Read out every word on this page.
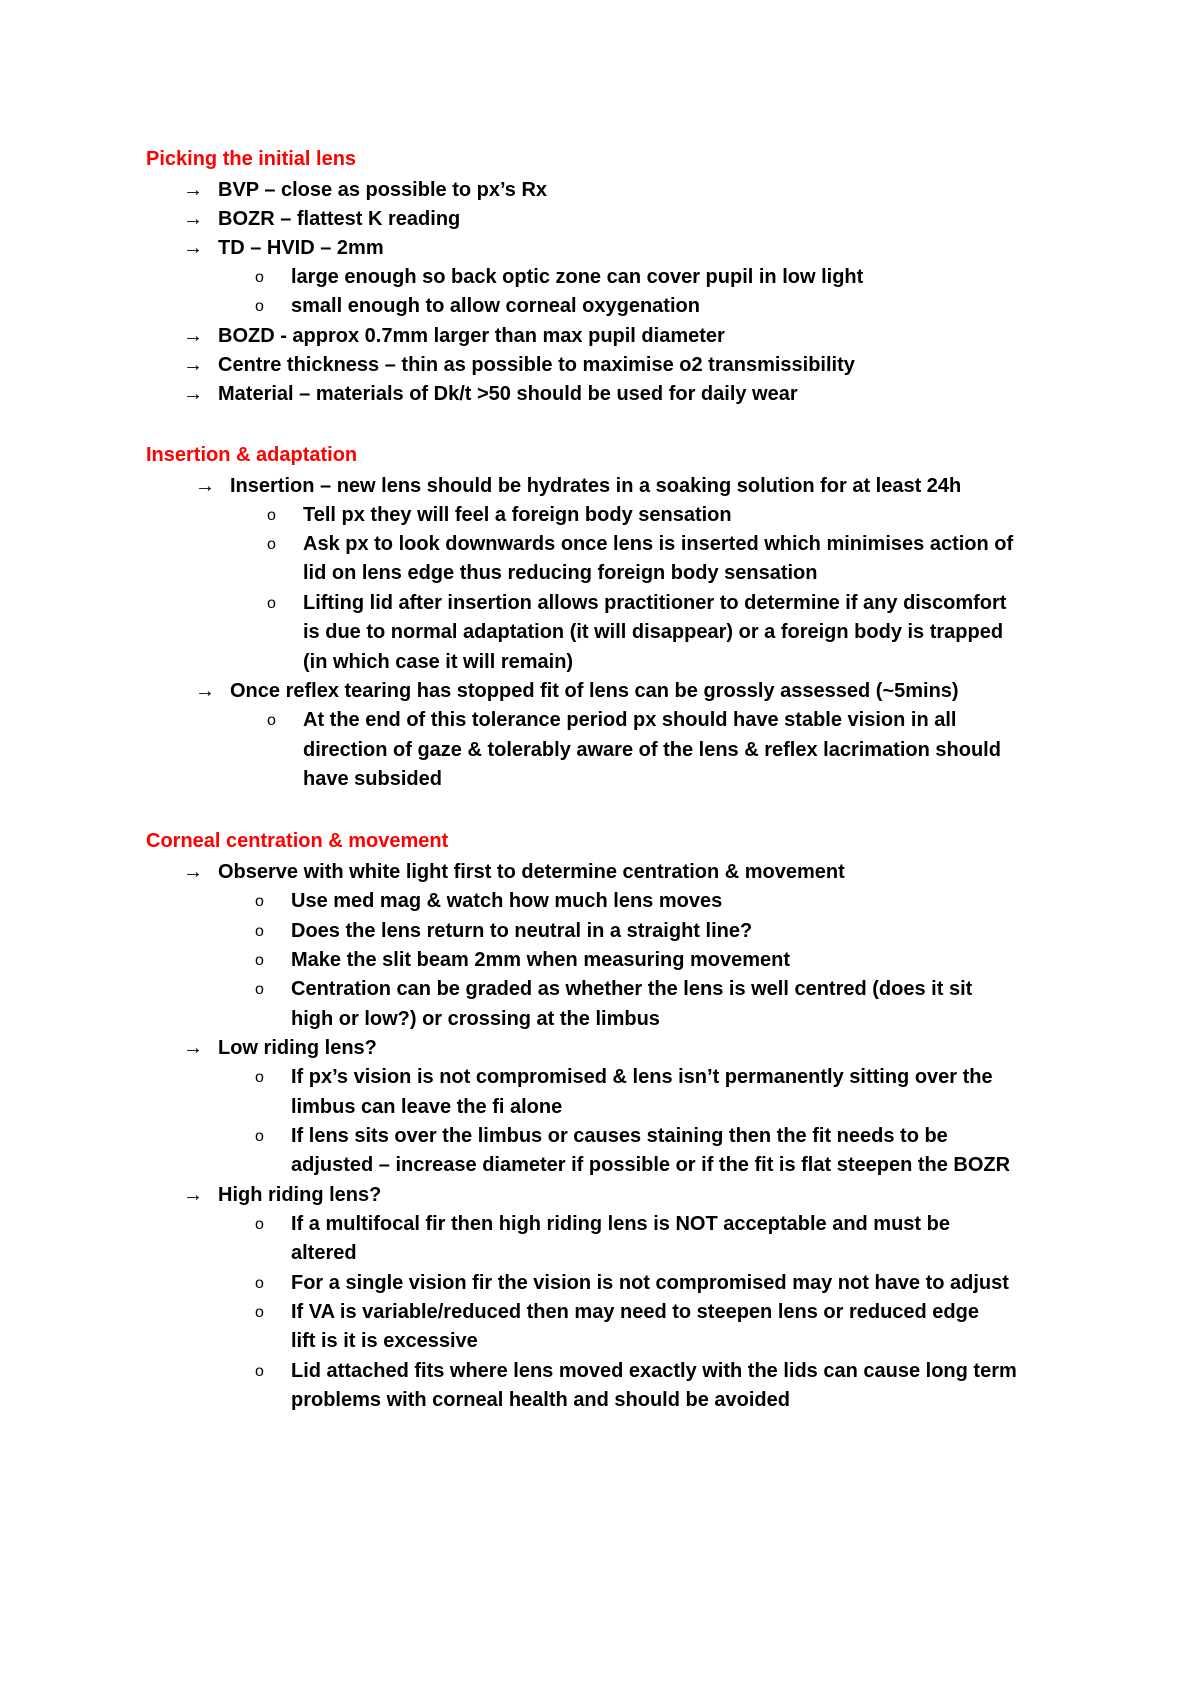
Picking the initial lens
→ BVP – close as possible to px’s Rx
→ BOZR – flattest K reading
→ TD – HVID – 2mm
o large enough so back optic zone can cover pupil in low light
o small enough to allow corneal oxygenation
→ BOZD - approx 0.7mm larger than max pupil diameter
→ Centre thickness – thin as possible to maximise o2 transmissibility
→ Material – materials of Dk/t >50 should be used for daily wear
Insertion & adaptation
→ Insertion – new lens should be hydrates in a soaking solution for at least 24h
o Tell px they will feel a foreign body sensation
o Ask px to look downwards once lens is inserted which minimises action of
lid on lens edge thus reducing foreign body sensation
o Lifting lid after insertion allows practitioner to determine if any discomfort
is due to normal adaptation (it will disappear) or a foreign body is trapped
(in which case it will remain)
→ Once reflex tearing has stopped fit of lens can be grossly assessed (~5mins)
o At the end of this tolerance period px should have stable vision in all
direction of gaze & tolerably aware of the lens & reflex lacrimation should
have subsided
Corneal centration & movement
→ Observe with white light first to determine centration & movement
o Use med mag & watch how much lens moves
o Does the lens return to neutral in a straight line?
o Make the slit beam 2mm when measuring movement
o Centration can be graded as whether the lens is well centred (does it sit
high or low?) or crossing at the limbus
→ Low riding lens?
o If px’s vision is not compromised & lens isn’t permanently sitting over the
limbus can leave the fi alone
o If lens sits over the limbus or causes staining then the fit needs to be
adjusted – increase diameter if possible or if the fit is flat steepen the BOZR
→ High riding lens?
o If a multifocal fir then high riding lens is NOT acceptable and must be
altered
o For a single vision fir the vision is not compromised may not have to adjust
o If VA is variable/reduced then may need to steepen lens or reduced edge
lift is it is excessive
o Lid attached fits where lens moved exactly with the lids can cause long term
problems with corneal health and should be avoided
